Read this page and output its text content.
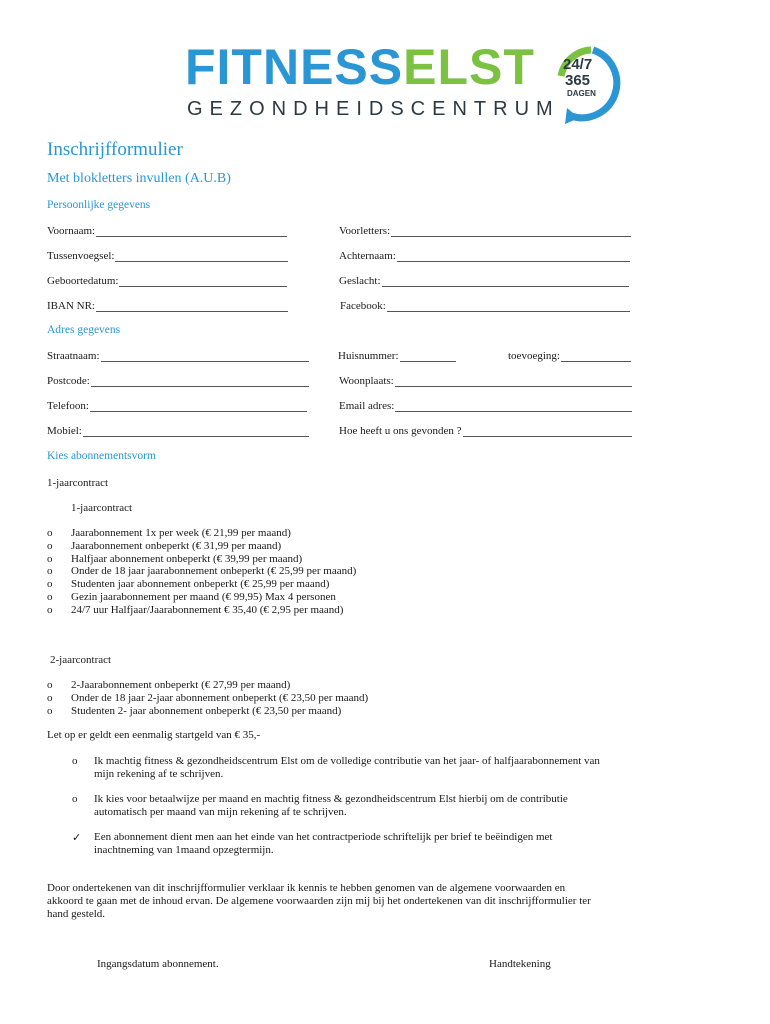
FITNESSELST
GEZONDHEIDSCENTRUM
24/7
365
DAGEN
Inschrijfformulier
Met blokletters invullen (A.U.B)
Persoonlijke gegevens
Voornaam:	Voorletters:
Tussenvoegsel:	Achternaam:
Geboortedatum:	Geslacht:
IBAN NR:	Facebook:
Adres gegevens
Straatnaam:	Huisnummer:	toevoeging:
Postcode:	Woonplaats:
Telefoon:	Email adres:
Mobiel:	Hoe heeft u ons gevonden ?
Kies abonnementsvorm
1-jaarcontract
1-jaarcontract
o Jaarabonnement 1x per week (€ 21,99 per maand)
o Jaarabonnement onbeperkt (€ 31,99 per maand)
o Halfjaar abonnement onbeperkt (€ 39,99 per maand)
o Onder de 18 jaar jaarabonnement onbeperkt (€ 25,99 per maand)
o Studenten jaar abonnement onbeperkt (€ 25,99 per maand)
o Gezin jaarabonnement per maand (€ 99,95) Max 4 personen
o 24/7 uur Halfjaar/Jaarabonnement € 35,40 (€ 2,95 per maand)
2-jaarcontract
o 2-Jaarabonnement onbeperkt (€ 27,99 per maand)
o Onder de 18 jaar 2-jaar abonnement onbeperkt (€ 23,50 per maand)
o Studenten 2- jaar abonnement onbeperkt (€ 23,50 per maand)
Let op er geldt een eenmalig startgeld van € 35,-
o Ik machtig fitness & gezondheidscentrum Elst om de volledige contributie van het jaar- of halfjaarabonnement van
mijn rekening af te schrijven.
o Ik kies voor betaalwijze per maand en machtig fitness & gezondheidscentrum Elst hierbij om de contributie
automatisch per maand van mijn rekening af te schrijven.
✓ Een abonnement dient men aan het einde van het contractperiode schriftelijk per brief te beëindigen met
inachtneming van 1maand opzegtermijn.
Door ondertekenen van dit inschrijfformulier verklaar ik kennis te hebben genomen van de algemene voorwaarden en
akkoord te gaan met de inhoud ervan. De algemene voorwaarden zijn mij bij het ondertekenen van dit inschrijfformulier ter
hand gesteld.
Ingangsdatum abonnement.	Handtekening
